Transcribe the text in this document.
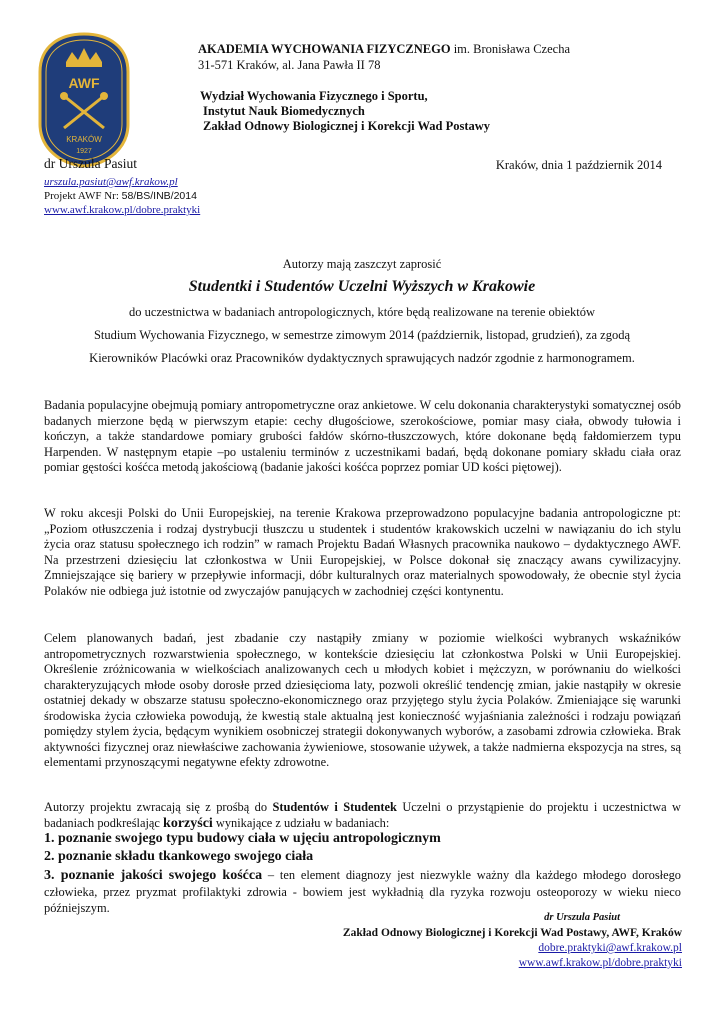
AWF
KRAKÓW
1927
AKADEMIA WYCHOWANIA FIZYCZNEGO im. Bronisława Czecha
31-571 Kraków, al. Jana Pawła II 78
Wydział Wychowania Fizycznego i Sportu,
Instytut Nauk Biomedycznych
Zakład Odnowy Biologicznej i Korekcji Wad Postawy
dr Urszula Pasiut
urszula.pasiut@awf.krakow.pl
Projekt AWF Nr: 58/BS/INB/2014
www.awf.krakow.pl/dobre.praktyki
Kraków, dnia 1 październik 2014
Autorzy mają zaszczyt zaprosić
Studentki i Studentów Uczelni Wyższych w Krakowie
do uczestnictwa w badaniach antropologicznych, które będą realizowane na terenie obiektów
Studium Wychowania Fizycznego, w semestrze zimowym 2014 (październik, listopad, grudzień), za zgodą
Kierowników Placówki oraz Pracowników dydaktycznych sprawujących nadzór zgodnie z harmonogramem.

Badania populacyjne obejmują pomiary antropometryczne oraz ankietowe. W celu dokonania charakterystyki somatycznej osób badanych mierzone będą w pierwszym etapie: cechy długościowe, szerokościowe, pomiar masy ciała, obwody tułowia i kończyn, a także standardowe pomiary grubości fałdów skórno-tłuszczowych, które dokonane będą fałdomierzem typu Harpenden. W następnym etapie –po ustaleniu terminów z uczestnikami badań, będą dokonane pomiary składu ciała oraz pomiar gęstości kośćca metodą jakościową (badanie jakości kośćca poprzez pomiar UD kości piętowej).

W roku akcesji Polski do Unii Europejskiej, na terenie Krakowa przeprowadzono populacyjne badania antropologiczne pt: „Poziom otłuszczenia i rodzaj dystrybucji tłuszczu u studentek i studentów krakowskich uczelni w nawiązaniu do ich stylu życia oraz statusu społecznego ich rodzin” w ramach Projektu Badań Własnych pracownika naukowo – dydaktycznego AWF. Na przestrzeni dziesięciu lat członkostwa w Unii Europejskiej, w Polsce dokonał się znaczący awans cywilizacyjny. Zmniejszające się bariery w przepływie informacji, dóbr kulturalnych oraz materialnych spowodowały, że obecnie styl życia Polaków nie odbiega już istotnie od zwyczajów panujących w zachodniej części kontynentu.

Celem planowanych badań, jest zbadanie czy nastąpiły zmiany w poziomie wielkości wybranych wskaźników antropometrycznych rozwarstwienia społecznego, w kontekście dziesięciu lat członkostwa Polski w Unii Europejskiej. Określenie zróżnicowania w wielkościach analizowanych cech u młodych kobiet i mężczyzn, w porównaniu do wielkości charakteryzujących młode osoby dorosłe przed dziesięcioma laty, pozwoli określić tendencję zmian, jakie nastąpiły w okresie ostatniej dekady w obszarze statusu społeczno-ekonomicznego oraz przyjętego stylu życia Polaków. Zmieniające się warunki środowiska życia człowieka powodują, że kwestią stale aktualną jest konieczność wyjaśniania zależności i rodzaju powiązań pomiędzy stylem życia, będącym wynikiem osobniczej strategii dokonywanych wyborów, a zasobami zdrowia człowieka. Brak aktywności fizycznej oraz niewłaściwe zachowania żywieniowe, stosowanie używek, a także nadmierna ekspozycja na stres, są elementami przynoszącymi negatywne efekty zdrowotne.

Autorzy projektu zwracają się z prośbą do Studentów i Studentek Uczelni o przystąpienie do projektu i uczestnictwa w badaniach podkreślając korzyści wynikające z udziału w badaniach:

1. poznanie swojego typu budowy ciała w ujęciu antropologicznym
2. poznanie składu tkankowego swojego ciała

3. poznanie jakości swojego kośćca – ten element diagnozy jest niezwykle ważny dla każdego młodego dorosłego człowieka, przez pryzmat profilaktyki zdrowia - bowiem jest wykładnią dla ryzyka rozwoju osteoporozy w wieku nieco późniejszym.

dr Urszula Pasiut
Zakład Odnowy Biologicznej i Korekcji Wad Postawy, AWF, Kraków
dobre.praktyki@awf.krakow.pl
www.awf.krakow.pl/dobre.praktyki
